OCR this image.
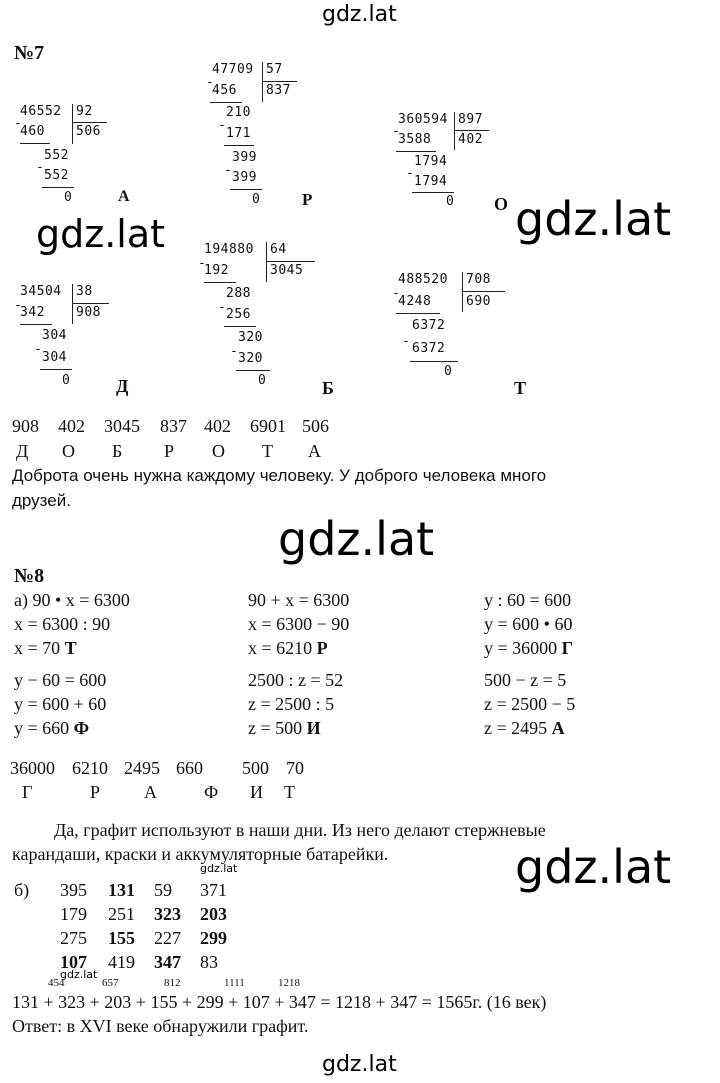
gdz.lat
gdz.lat	gdz.lat
gdz.lat
gdz.lat
gdz.lat
gdz.lat
gdz.lat
№7
46552 92
506
-
460
552
-
552
0	А
47709 57
837
-
456
210
-
171
399
- 399
0 Р
360594 897
402
-
3588
1794
-
1794
0 О
34504 38
908
-
342
304
-
304
0	Д
194880 64
3045
-
192
288
- 256
320
- 320
0	Б
488520 708
690
-
4248
6372
- 6372
0
Т
908 402 3045 837 402 6901 506
Д О Б Р О Т А
Доброта очень нужна каждому человеку. У доброго человека много
друзей.
№8
а) 90 • x = 6300
x = 6300 : 90
x = 70 Т
y − 60 = 600
y = 600 + 60
y = 660 Ф
90 + x = 6300
x = 6300 − 90
x = 6210 Р
2500 : z = 52
z = 2500 : 5
z = 500 И
y : 60 = 600
y = 600 • 60
y = 36000 Г
500 − z = 5
z = 2500 − 5
z = 2495 А
36000 6210 2495 660 500 70
Г	Р А	Ф И Т
Да, графит используют в наши дни. Из него делают стержневые
карандаши, краски и аккумуляторные батарейки.
б) 395 131 59 371
179 251 323 203
275 155 227 299
107 419 347 83
454	657	812	1111	1218
131 + 323 + 203 + 155 + 299 + 107 + 347 = 1218 + 347 = 1565г. (16 век)
Ответ: в XVI веке обнаружили графит.
